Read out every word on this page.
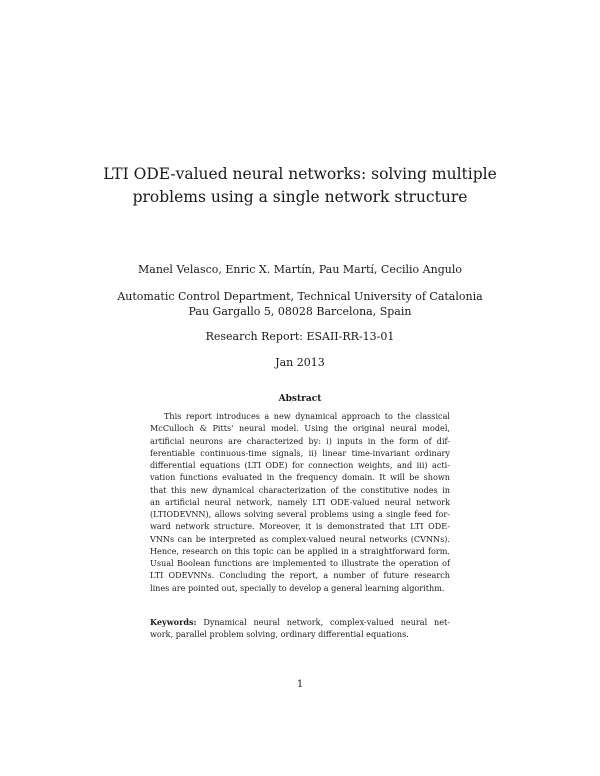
LTI ODE-valued neural networks: solving multiple
problems using a single network structure
Manel Velasco, Enric X. Martín, Pau Martí, Cecilio Angulo
Automatic Control Department, Technical University of Catalonia
Pau Gargallo 5, 08028 Barcelona, Spain
Research Report: ESAII-RR-13-01
Jan 2013
Abstract
This report introduces a new dynamical approach to the classical
McCulloch & Pitts' neural model. Using the original neural model,
artificial neurons are characterized by: i) inputs in the form of dif-
ferentiable continuous-time signals, ii) linear time-invariant ordinary
differential equations (LTI ODE) for connection weights, and iii) acti-
vation functions evaluated in the frequency domain. It will be shown
that this new dynamical characterization of the constitutive nodes in
an artificial neural network, namely LTI ODE-valued neural network
(LTIODEVNN), allows solving several problems using a single feed for-
ward network structure. Moreover, it is demonstrated that LTI ODE-
VNNs can be interpreted as complex-valued neural networks (CVNNs).
Hence, research on this topic can be applied in a straightforward form.
Usual Boolean functions are implemented to illustrate the operation of
LTI ODEVNNs. Concluding the report, a number of future research
lines are pointed out, specially to develop a general learning algorithm.
Keywords: Dynamical neural network, complex-valued neural net-
work, parallel problem solving, ordinary differential equations.
1
